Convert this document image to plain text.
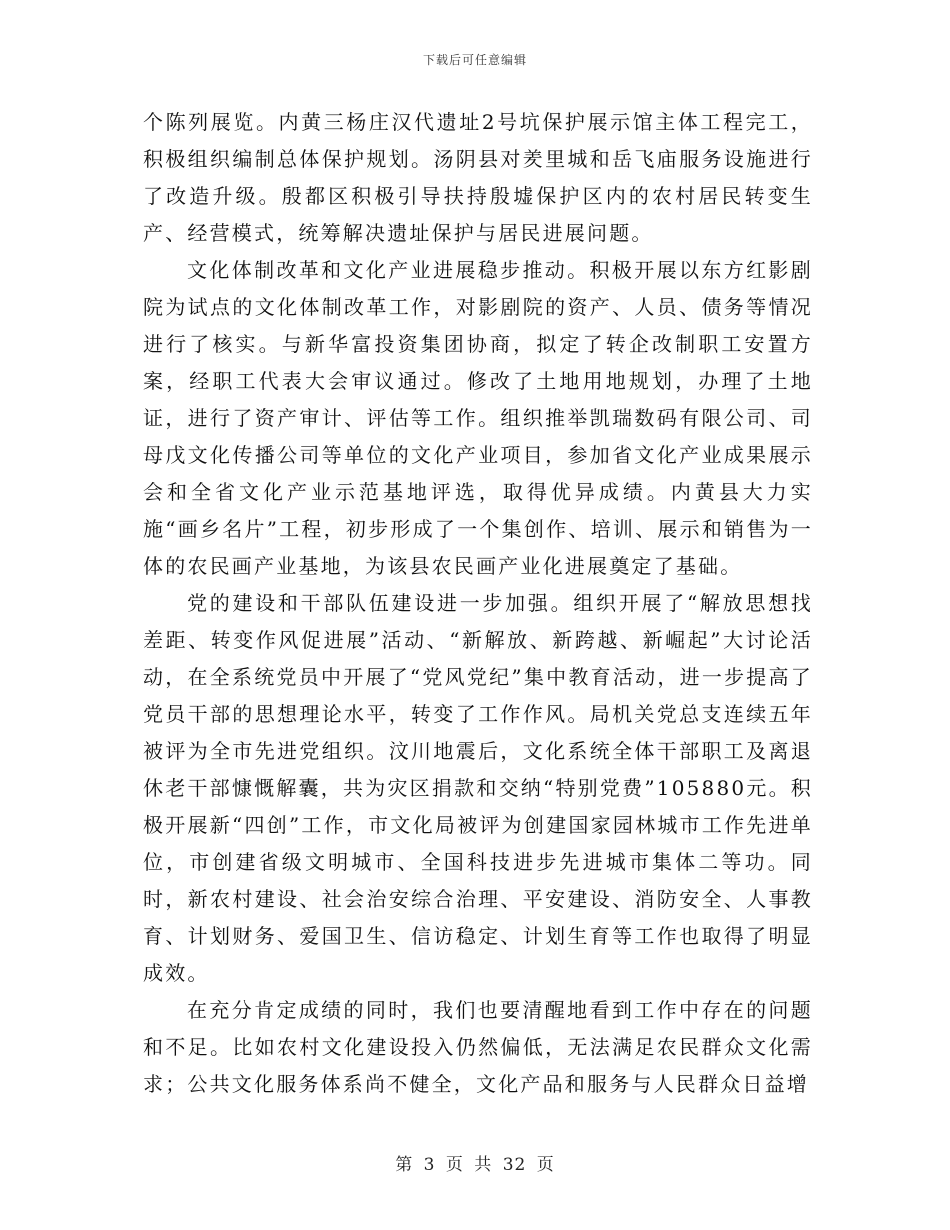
下载后可任意编辑

个陈列展览。内黄三杨庄汉代遗址2号坑保护展示馆主体工程完工，积极组织编制总体保护规划。汤阴县对羑里城和岳飞庙服务设施进行了改造升级。殷都区积极引导扶持殷墟保护区内的农村居民转变生产、经营模式，统筹解决遗址保护与居民进展问题。

文化体制改革和文化产业进展稳步推动。积极开展以东方红影剧院为试点的文化体制改革工作，对影剧院的资产、人员、债务等情况进行了核实。与新华富投资集团协商，拟定了转企改制职工安置方案，经职工代表大会审议通过。修改了土地用地规划，办理了土地证，进行了资产审计、评估等工作。组织推举凯瑞数码有限公司、司母戊文化传播公司等单位的文化产业项目，参加省文化产业成果展示会和全省文化产业示范基地评选，取得优异成绩。内黄县大力实施“画乡名片”工程，初步形成了一个集创作、培训、展示和销售为一体的农民画产业基地，为该县农民画产业化进展奠定了基础。

党的建设和干部队伍建设进一步加强。组织开展了“解放思想找差距、转变作风促进展”活动、“新解放、新跨越、新崛起”大讨论活动，在全系统党员中开展了“党风党纪”集中教育活动，进一步提高了党员干部的思想理论水平，转变了工作作风。局机关党总支连续五年被评为全市先进党组织。汶川地震后，文化系统全体干部职工及离退休老干部慷慨解囊，共为灾区捐款和交纳“特别党费”105880元。积极开展新“四创”工作，市文化局被评为创建国家园林城市工作先进单位，市创建省级文明城市、全国科技进步先进城市集体二等功。同时，新农村建设、社会治安综合治理、平安建设、消防安全、人事教育、计划财务、爱国卫生、信访稳定、计划生育等工作也取得了明显成效。

在充分肯定成绩的同时，我们也要清醒地看到工作中存在的问题和不足。比如农村文化建设投入仍然偏低，无法满足农民群众文化需求；公共文化服务体系尚不健全，文化产品和服务与人民群众日益增

第 3 页 共 32 页
